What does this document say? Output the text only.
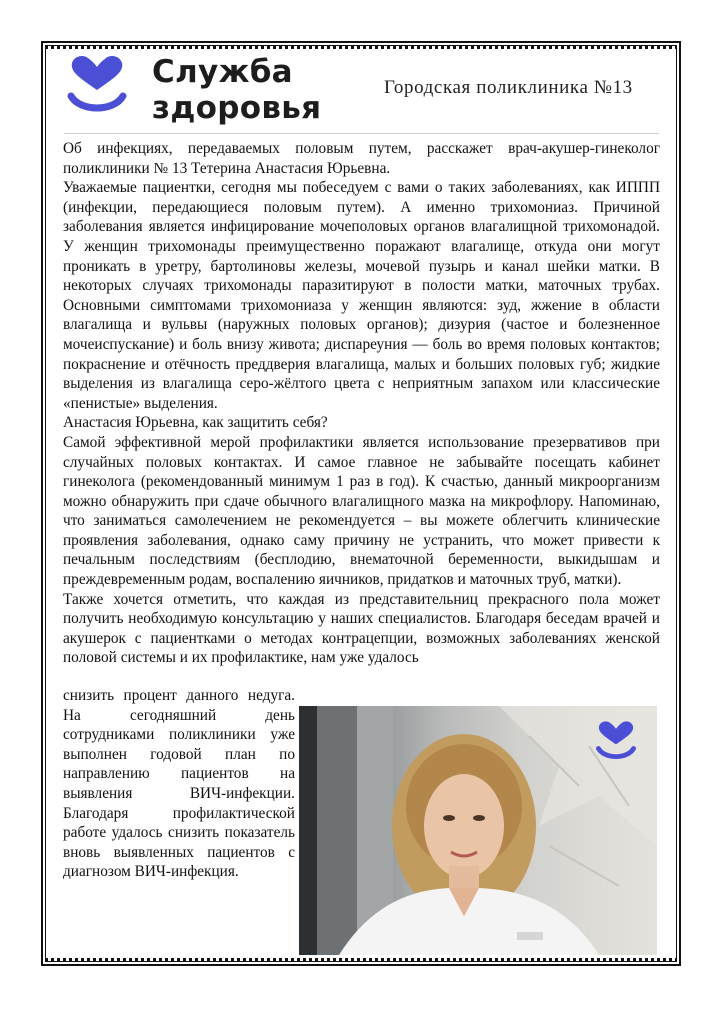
Служба
здоровья
Городская поликлиника №13

Об инфекциях, передаваемых половым путем, расскажет врач-акушер-гинеколог поликлиники № 13 Тетерина Анастасия Юрьевна.

Уважаемые пациентки, сегодня мы побеседуем с вами о таких заболеваниях, как ИППП (инфекции, передающиеся половым путем). А именно трихомониаз. Причиной заболевания является инфицирование мочеполовых органов влагалищной трихомонадой. У женщин трихомонады преимущественно поражают влагалище, откуда они могут проникать в уретру, бартолиновы железы, мочевой пузырь и канал шейки матки. В некоторых случаях трихомонады паразитируют в полости матки, маточных трубах. Основными симптомами трихомониаза у женщин являются: зуд, жжение в области влагалища и вульвы (наружных половых органов); дизурия (частое и болезненное мочеиспускание) и боль внизу живота; диспареуния — боль во время половых контактов; покраснение и отёчность преддверия влагалища, малых и больших половых губ; жидкие выделения из влагалища серо-жёлтого цвета с неприятным запахом или классические «пенистые» выделения.

Анастасия Юрьевна, как защитить себя?

Самой эффективной мерой профилактики является использование презервативов при случайных половых контактах. И самое главное не забывайте посещать кабинет гинеколога (рекомендованный минимум 1 раз в год). К счастью, данный микроорганизм можно обнаружить при сдаче обычного влагалищного мазка на микрофлору. Напоминаю, что заниматься самолечением не рекомендуется – вы можете облегчить клинические проявления заболевания, однако саму причину не устранить, что может привести к печальным последствиям (бесплодию, внематочной беременности, выкидышам и преждевременным родам, воспалению яичников, придатков и маточных труб, матки).

Также хочется отметить, что каждая из представительниц прекрасного пола может получить необходимую консультацию у наших специалистов. Благодаря беседам врачей и акушерок с пациентками о методах контрацепции, возможных заболеваниях женской половой системы и их профилактике, нам уже удалось

снизить процент данного недуга. На сегодняшний день сотрудниками поликлиники уже выполнен годовой план по направлению пациентов на выявления ВИЧ-инфекции. Благодаря профилактической работе удалось снизить показатель вновь выявленных пациентов с диагнозом ВИЧ-инфекция.
